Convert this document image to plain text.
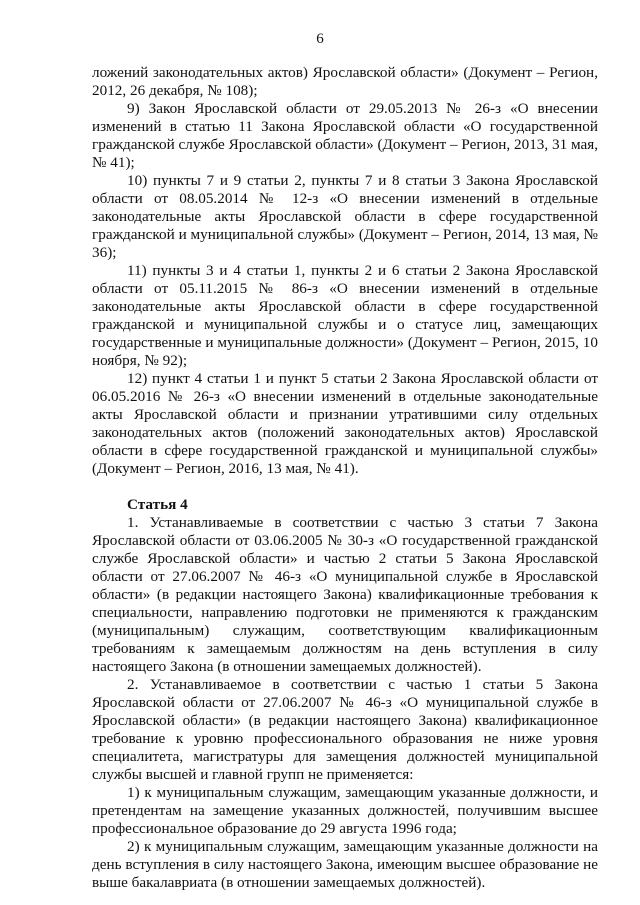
6

ложений законодательных актов) Ярославской области» (Документ – Регион, 2012, 26 декабря, № 108);

9) Закон Ярославской области от 29.05.2013 № 26-з «О внесении изменений в статью 11 Закона Ярославской области «О государственной гражданской службе Ярославской области» (Документ – Регион, 2013, 31 мая, № 41);

10) пункты 7 и 9 статьи 2, пункты 7 и 8 статьи 3 Закона Ярославской области от 08.05.2014 № 12-з «О внесении изменений в отдельные законодательные акты Ярославской области в сфере государственной гражданской и муниципальной службы» (Документ – Регион, 2014, 13 мая, № 36);

11) пункты 3 и 4 статьи 1, пункты 2 и 6 статьи 2 Закона Ярославской области от 05.11.2015 № 86-з «О внесении изменений в отдельные законодательные акты Ярославской области в сфере государственной гражданской и муниципальной службы и о статусе лиц, замещающих государственные и муниципальные должности» (Документ – Регион, 2015, 10 ноября, № 92);

12) пункт 4 статьи 1 и пункт 5 статьи 2 Закона Ярославской области от 06.05.2016 № 26-з «О внесении изменений в отдельные законодательные акты Ярославской области и признании утратившими силу отдельных законодательных актов (положений законодательных актов) Ярославской области в сфере государственной гражданской и муниципальной службы» (Документ – Регион, 2016, 13 мая, № 41).

Статья 4

1. Устанавливаемые в соответствии с частью 3 статьи 7 Закона Ярославской области от 03.06.2005 № 30-з «О государственной гражданской службе Ярославской области» и частью 2 статьи 5 Закона Ярославской области от 27.06.2007 № 46-з «О муниципальной службе в Ярославской области» (в редакции настоящего Закона) квалификационные требования к специальности, направлению подготовки не применяются к гражданским (муниципальным) служащим, соответствующим квалификационным требованиям к замещаемым должностям на день вступления в силу настоящего Закона (в отношении замещаемых должностей).

2. Устанавливаемое в соответствии с частью 1 статьи 5 Закона Ярославской области от 27.06.2007 № 46-з «О муниципальной службе в Ярославской области» (в редакции настоящего Закона) квалификационное требование к уровню профессионального образования не ниже уровня специалитета, магистратуры для замещения должностей муниципальной службы высшей и главной групп не применяется:

1) к муниципальным служащим, замещающим указанные должности, и претендентам на замещение указанных должностей, получившим высшее профессиональное образование до 29 августа 1996 года;

2) к муниципальным служащим, замещающим указанные должности на день вступления в силу настоящего Закона, имеющим высшее образование не выше бакалавриата (в отношении замещаемых должностей).
